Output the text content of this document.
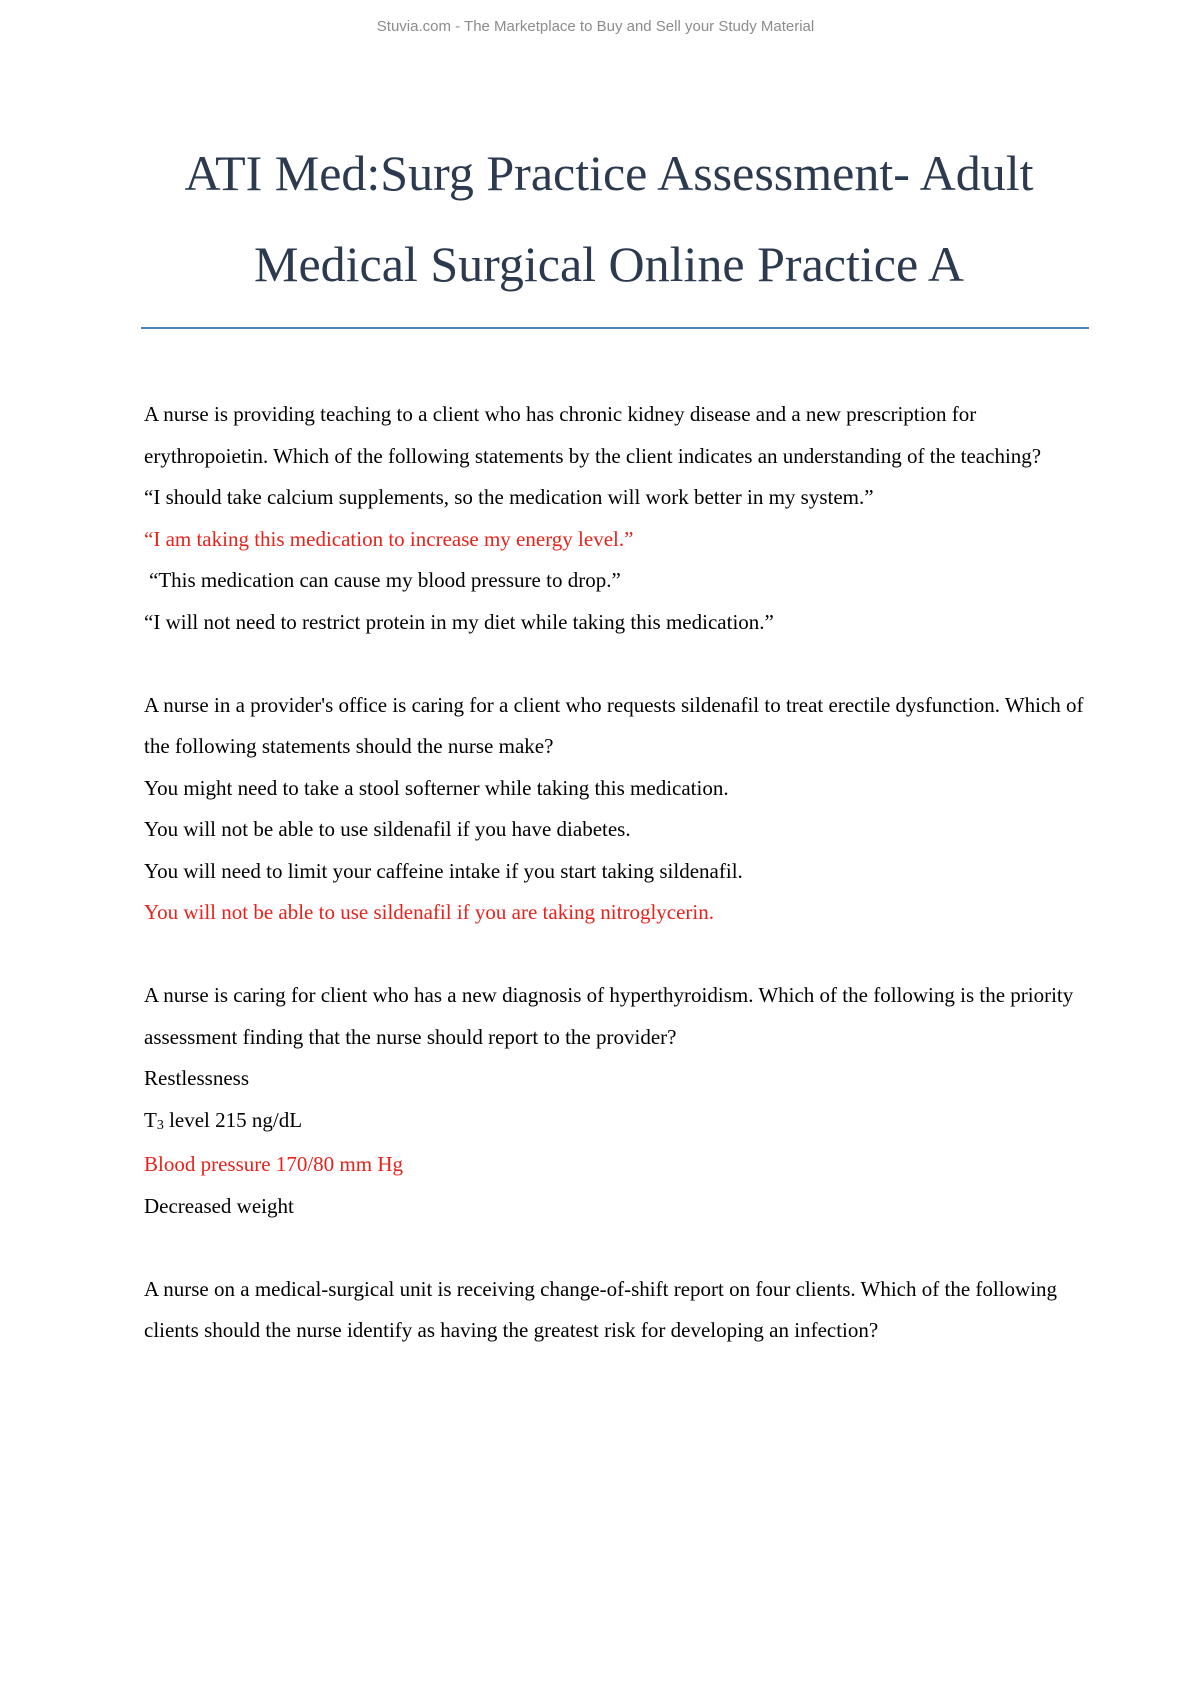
Stuvia.com - The Marketplace to Buy and Sell your Study Material
ATI Med:Surg Practice Assessment- Adult
Medical Surgical Online Practice A

A nurse is providing teaching to a client who has chronic kidney disease and a new prescription for erythropoietin. Which of the following statements by the client indicates an understanding of the teaching?

“I should take calcium supplements, so the medication will work better in my system.”

“I am taking this medication to increase my energy level.”

“This medication can cause my blood pressure to drop.”

“I will not need to restrict protein in my diet while taking this medication.”

A nurse in a provider's office is caring for a client who requests sildenafil to treat erectile dysfunction. Which of the following statements should the nurse make?

You might need to take a stool softerner while taking this medication.

You will not be able to use sildenafil if you have diabetes.

You will need to limit your caffeine intake if you start taking sildenafil.

You will not be able to use sildenafil if you are taking nitroglycerin.

A nurse is caring for client who has a new diagnosis of hyperthyroidism. Which of the following is the priority assessment finding that the nurse should report to the provider?

Restlessness

$T_3$ level 215 ng/dL

Blood pressure 170/80 mm Hg

Decreased weight

A nurse on a medical-surgical unit is receiving change-of-shift report on four clients. Which of the following clients should the nurse identify as having the greatest risk for developing an infection?
